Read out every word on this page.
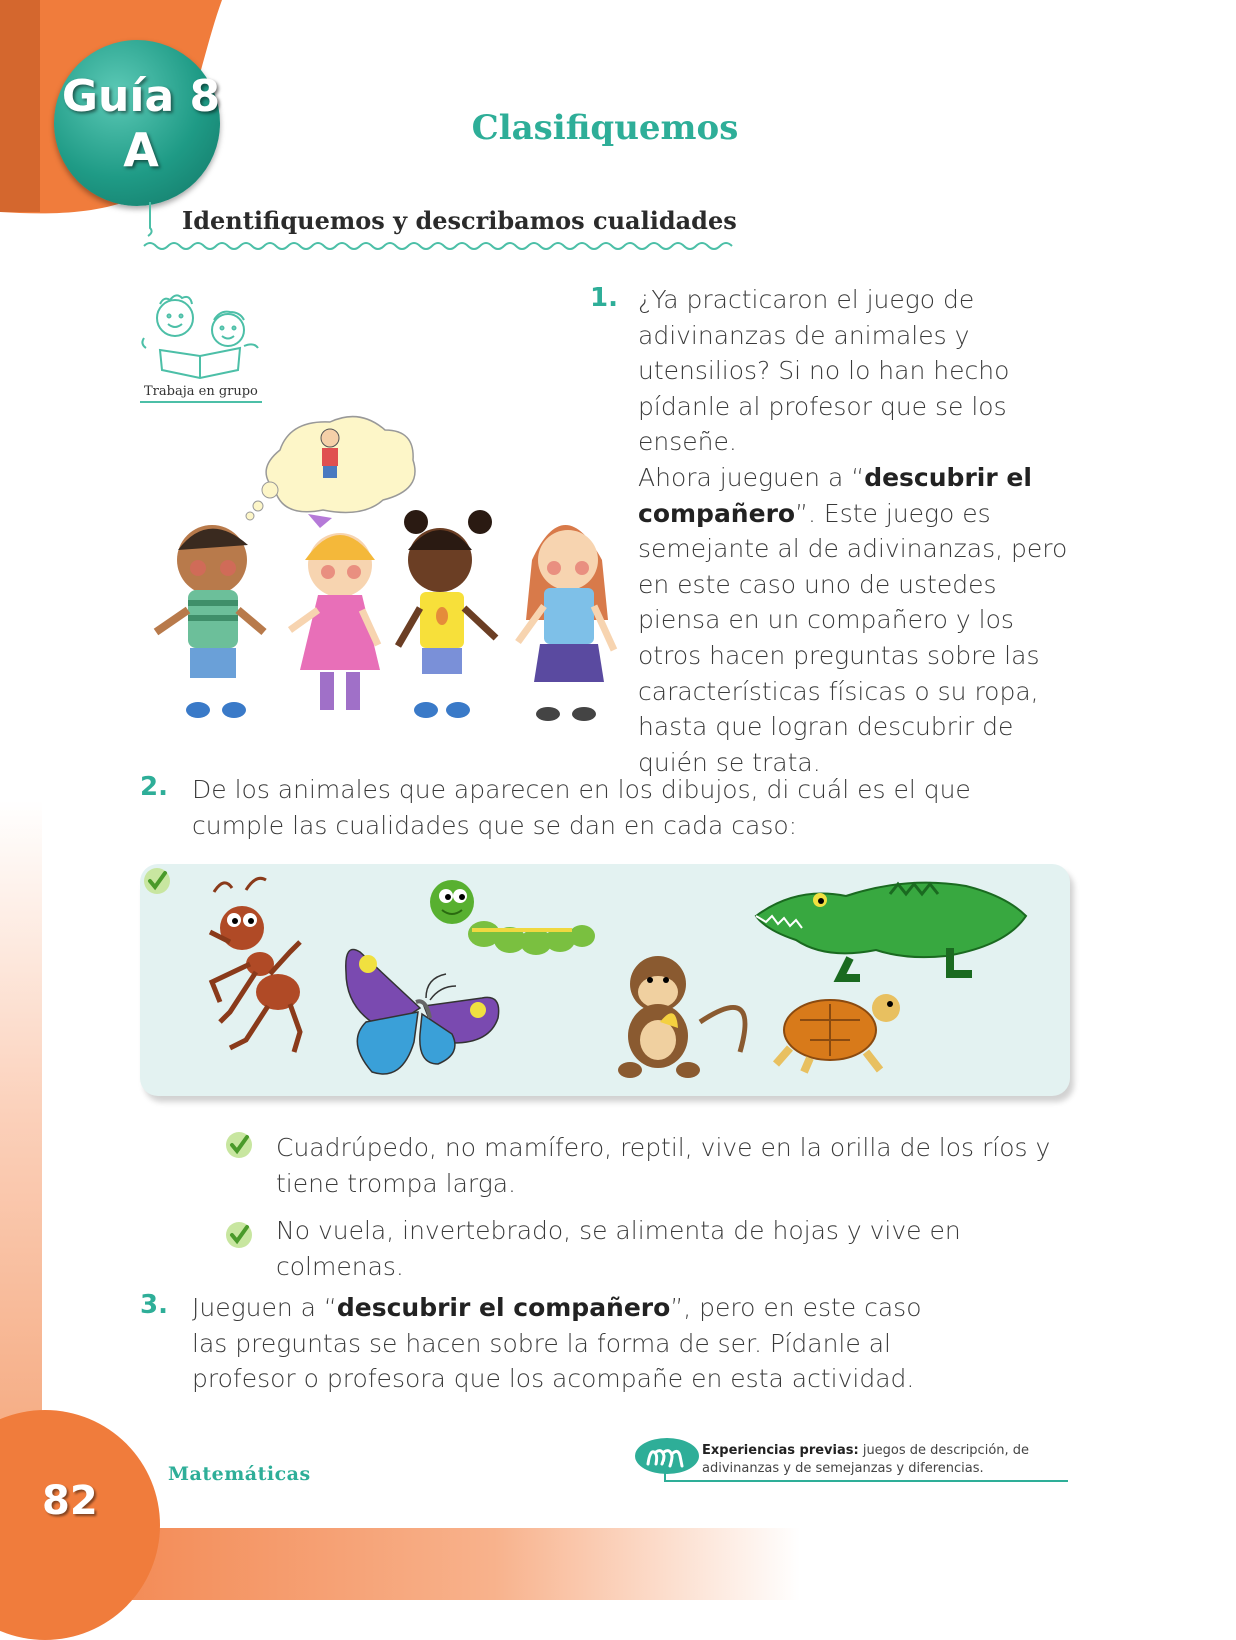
Guía 8
A	Clasifiquemos
Identifiquemos y describamos cualidades
Trabaja en grupo
1. ¿Ya practicaron el juego de adivinanzas de animales y utensilios? Si no lo han hecho pídanle al profesor que se los enseñe.
Ahora jueguen a “descubrir el compañero”. Este juego es semejante al de adivinanzas, pero en este caso uno de ustedes piensa en un compañero y los otros hacen preguntas sobre las características físicas o su ropa, hasta que logran descubrir de quién se trata.
2. De los animales que aparecen en los dibujos, di cuál es el que cumple las cualidades que se dan en cada caso:
Cuadrúpedo, no mamífero, reptil, vive en la orilla de los ríos y tiene trompa larga.
No vuela, invertebrado, se alimenta de hojas y vive en colmenas.
3. Jueguen a “descubrir el compañero”, pero en este caso las preguntas se hacen sobre la forma de ser. Pídanle al profesor o profesora que los acompañe en esta actividad.
Matemáticas
82
Experiencias previas: juegos de descripción, de adivinanzas y de semejanzas y diferencias.
